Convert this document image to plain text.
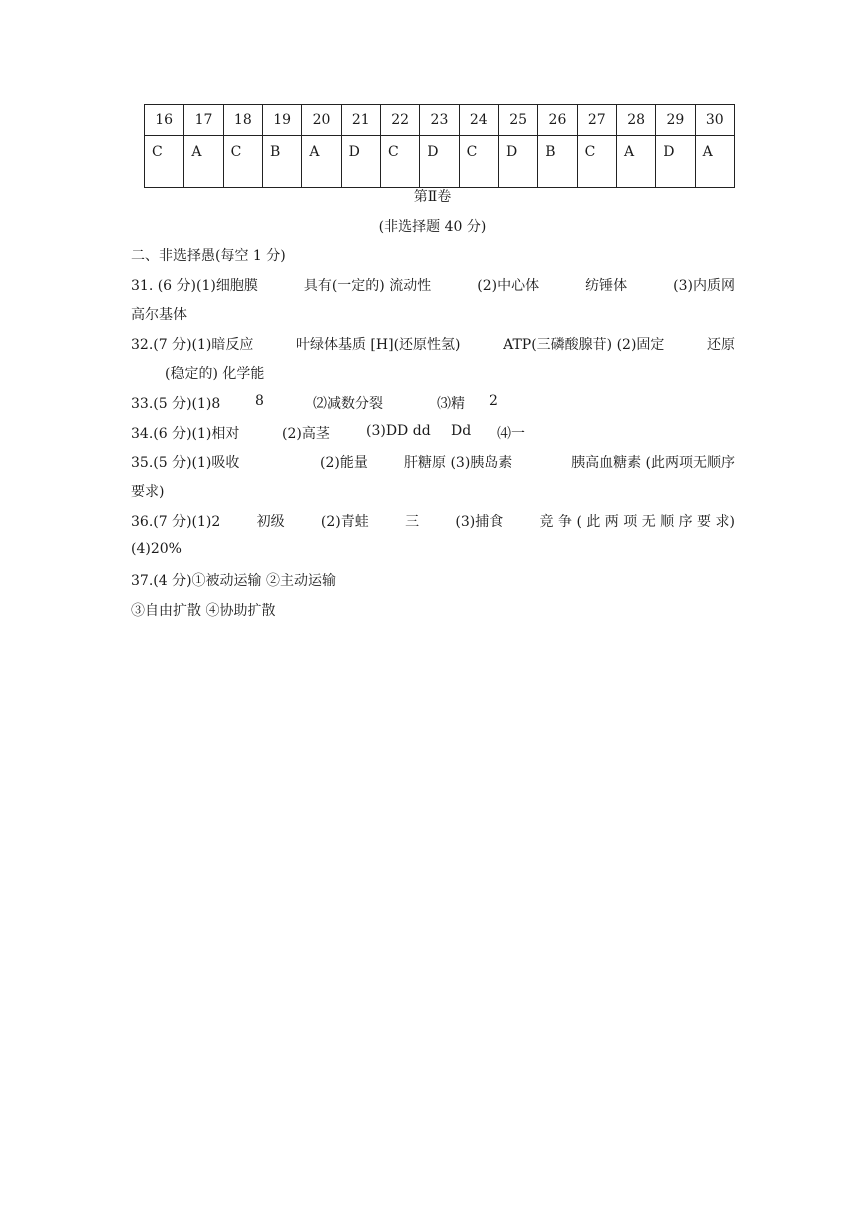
16	17	18	19	20	21	22	23	24	25	26	27	28	29	30
C	A	C	B	A	D	C	D	C	D	B	C	A	D	A
第Ⅱ卷
(非选择题 40 分)
二、非选择愚(每空 1 分)
31. (6 分)(1)细胞膜	具有(一定的) 流动性	(2)中心体	纺锤体	(3)内质网
高尔基体
32.(7 分)(1)暗反应	叶绿体基质 [H](还原性氢)	ATP(三磷酸腺苷) (2)固定	还原
(稳定的) 化学能
33.(5 分)(1)8 8	⑵减数分裂	⑶精 2
34.(6 分)(1)相对	(2)高茎	(3)DD dd Dd ⑷一
35.(5 分)(1)吸收	(2)能量	肝糖原 (3)胰岛素	胰高血糖素 (此两项无顺序
要求)
36.(7 分)(1)2	初级	(2)青蛙	三	(3)捕食	竞 争 ( 此 两 项 无 顺 序 要 求)
(4)20%
37.(4 分)①被动运输 ②主动运输
③自由扩散 ④协助扩散
